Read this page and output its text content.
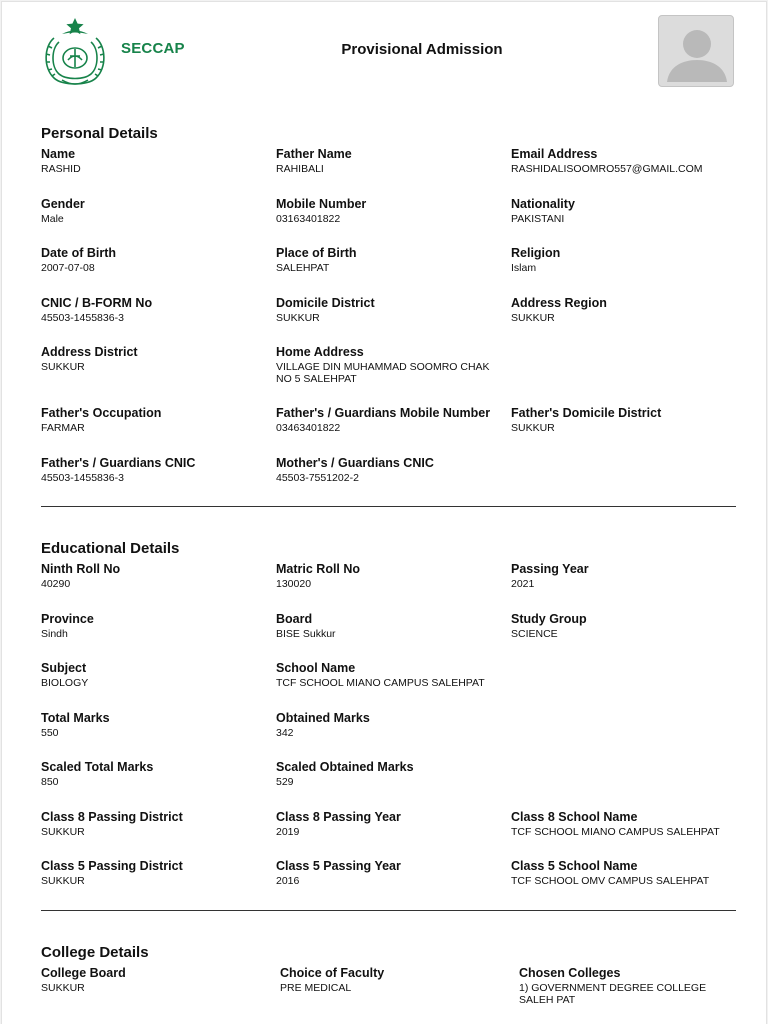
SECCAP	Provisional Admission
Personal Details
Name
RASHID
Father Name
RAHIBALI
Email Address
RASHIDALISOOMRO557@GMAIL.COM
Gender
Male
Mobile Number
03163401822
Nationality
PAKISTANI
Date of Birth
2007-07-08
Place of Birth
SALEHPAT
Religion
Islam
CNIC / B-FORM No
45503-1455836-3
Domicile District
SUKKUR
Address Region
SUKKUR
Address District
SUKKUR
Home Address
VILLAGE DIN MUHAMMAD SOOMRO CHAK NO 5 SALEHPAT
Father's Occupation
FARMAR
Father's / Guardians Mobile Number
03463401822
Father's Domicile District
SUKKUR
Father's / Guardians CNIC
45503-1455836-3
Mother's / Guardians CNIC
45503-7551202-2
Educational Details
Ninth Roll No
40290
Matric Roll No
130020
Passing Year
2021
Province
Sindh
Board
BISE Sukkur
Study Group
SCIENCE
Subject
BIOLOGY
School Name
TCF SCHOOL MIANO CAMPUS SALEHPAT
Total Marks
550
Obtained Marks
342
Scaled Total Marks
850
Scaled Obtained Marks
529
Class 8 Passing District
SUKKUR
Class 8 Passing Year
2019
Class 8 School Name
TCF SCHOOL MIANO CAMPUS SALEHPAT
Class 5 Passing District
SUKKUR
Class 5 Passing Year
2016
Class 5 School Name
TCF SCHOOL OMV CAMPUS SALEHPAT
College Details
College Board
SUKKUR
Choice of Faculty
PRE MEDICAL
Chosen Colleges
1) GOVERNMENT DEGREE COLLEGE SALEH PAT
